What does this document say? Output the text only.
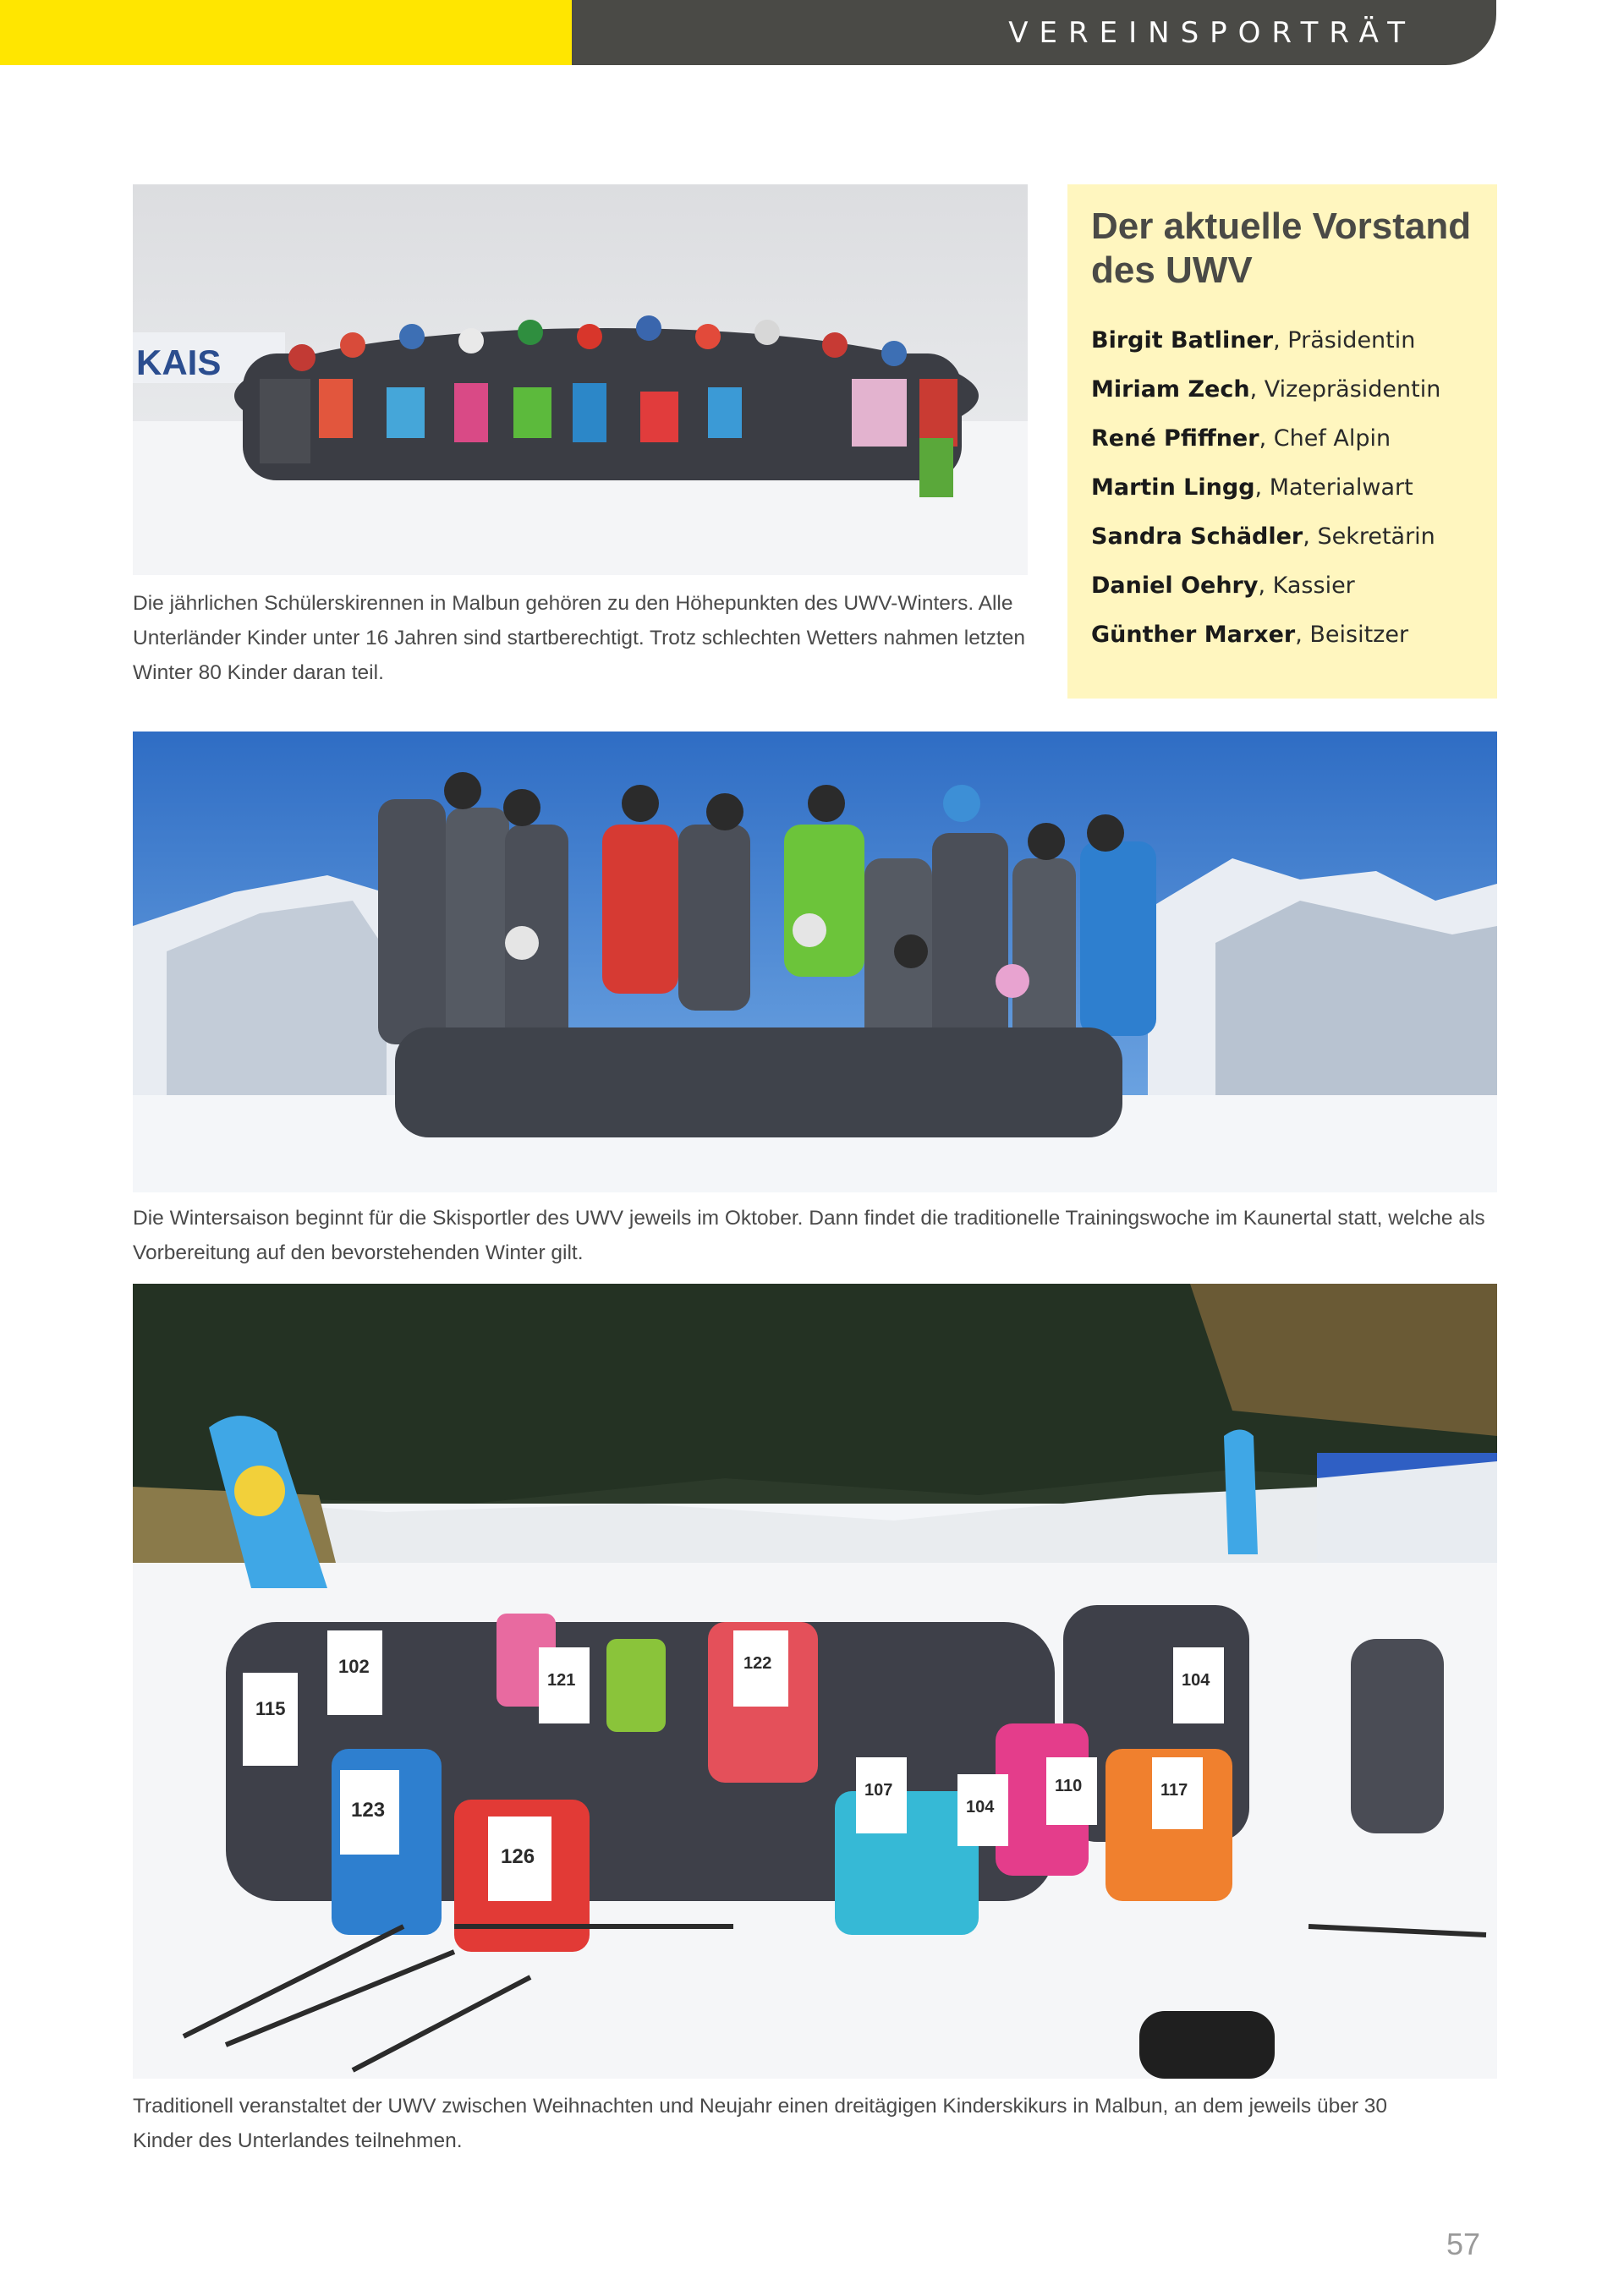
VEREINSPORTRÄT
KAIS

Die jährlichen Schülerskirennen in Malbun gehören zu den Höhepunkten des UWV-Winters. Alle Unterländer Kinder unter 16 Jahren sind startberechtigt. Trotz schlechten Wetters nahmen letzten Winter 80 Kinder daran teil.

Der aktuelle Vorstand des UWV
Birgit Batliner, Präsidentin
Miriam Zech, Vizepräsidentin
René Pfiffner, Chef Alpin
Martin Lingg, Materialwart
Sandra Schädler, Sekretärin
Daniel Oehry, Kassier
Günther Marxer, Beisitzer

Die Wintersaison beginnt für die Skisportler des UWV jeweils im Oktober. Dann findet die traditionelle Trainingswoche im Kaunertal statt, welche als Vorbereitung auf den bevorstehenden Winter gilt.

115
102
121
122
104
123
126
107
104
110	117

Traditionell veranstaltet der UWV zwischen Weihnachten und Neujahr einen dreitägigen Kinderskikurs in Malbun, an dem jeweils über 30 Kinder des Unterlandes teilnehmen.

57
